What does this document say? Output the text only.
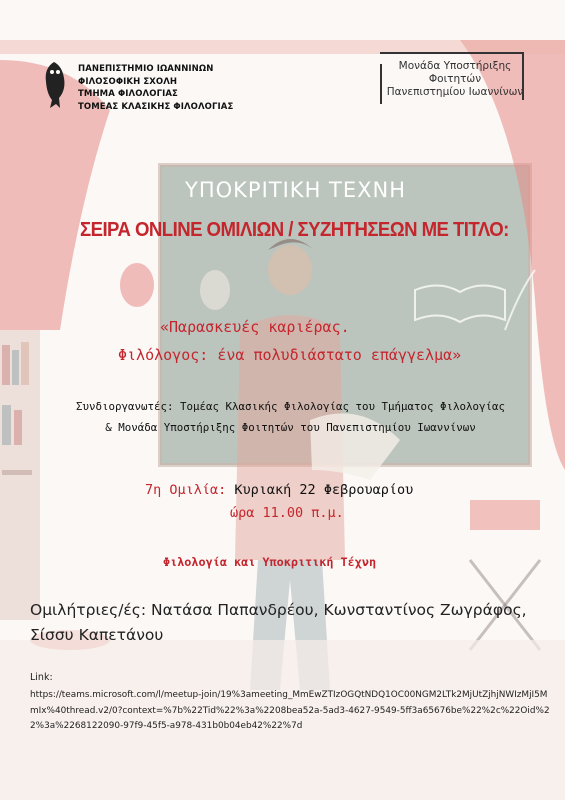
ΠΑΝΕΠΙΣΤΗΜΙΟ ΙΩΑΝΝΙΝΩΝ
ΦΙΛΟΣΟΦΙΚΗ ΣΧΟΛΗ
ΤΜΗΜΑ ΦΙΛΟΛΟΓΙΑΣ
ΤΟΜΕΑΣ ΚΛΑΣΙΚΗΣ ΦΙΛΟΛΟΓΙΑΣ
Μονάδα Υποστήριξης
Φοιτητών
Πανεπιστημίου Ιωαννίνων
ΥΠΟΚΡΙΤΙΚΗ ΤΕΧΝΗ
ΣΕΙΡΑ ONLINE ΟΜΙΛΙΩΝ / ΣΥΖΗΤΗΣΕΩΝ ΜΕ ΤΙΤΛΟ:
«Παρασκευές καριέρας.
Φιλόλογος: ένα πολυδιάστατο επάγγελμα»
Συνδιοργανωτές: Τομέας Κλασικής Φιλολογίας του Τμήματος Φιλολογίας
& Μονάδα Υποστήριξης Φοιτητών του Πανεπιστημίου Ιωαννίνων
7η Ομιλία: Κυριακή 22 Φεβρουαρίου
ώρα 11.00 π.μ.
Φιλολογία και Υποκριτική Τέχνη
Ομιλήτριες/ές: Νατάσα Παπανδρέου, Κωνσταντίνος Ζωγράφος,
Σίσσυ Καπετάνου
Link:
https://teams.microsoft.com/l/meetup-join/19%3ameeting_MmEwZTIzOGQtNDQ1OC00NGM2LTk2MjUtZjhjNWIzMjI5MmIx%40thread.v2/0?context=%7b%22Tid%22%3a%2208bea52a-5ad3-4627-9549-5ff3a65676be%22%2c%22Oid%22%3a%2268122090-97f9-45f5-a978-431b0b04eb42%22%7d
